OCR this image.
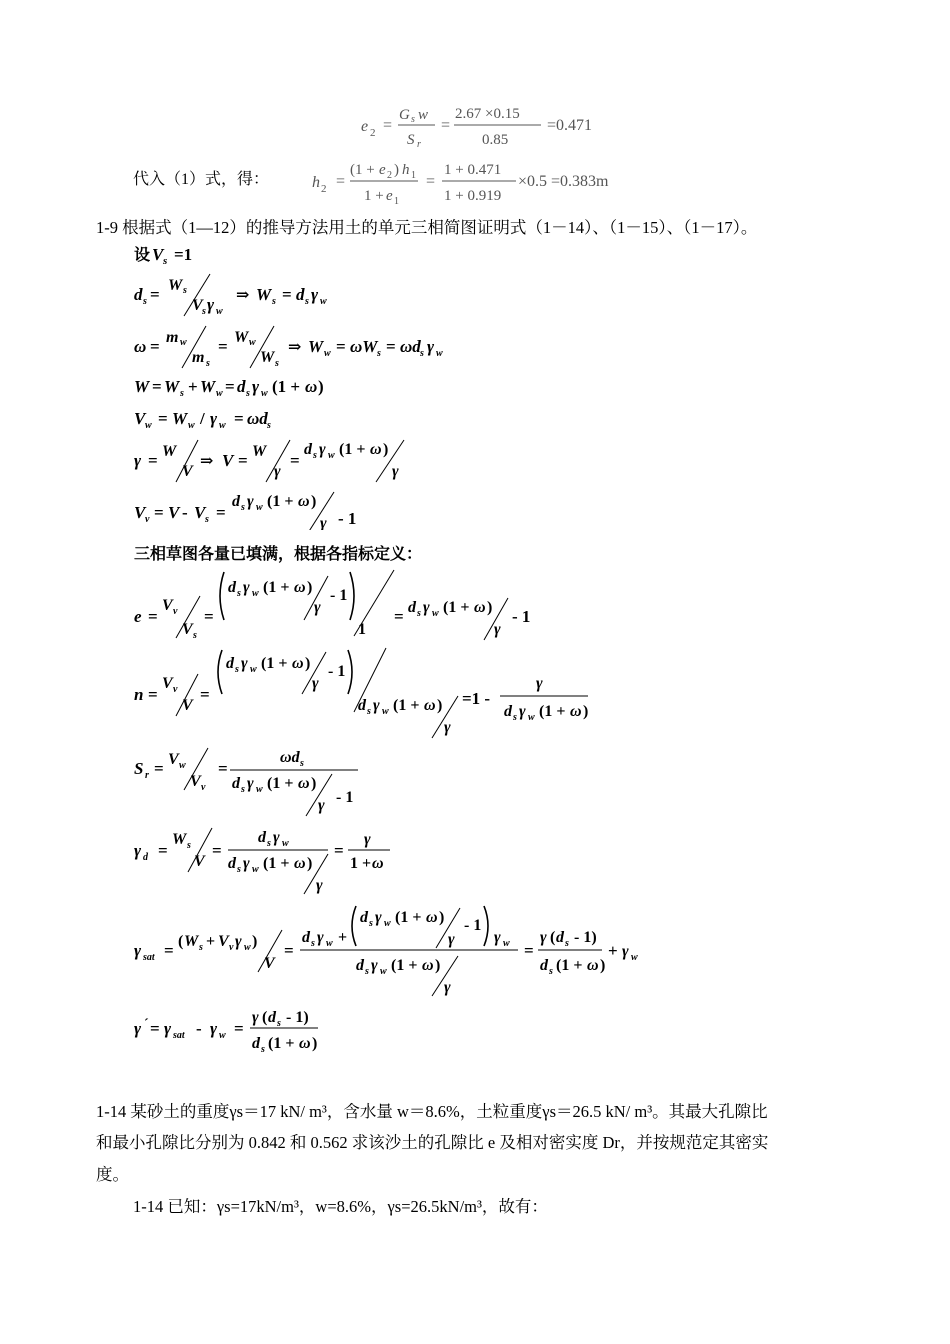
e 2 =
G s w
S r
=
2.67 ×0.15
0.85
=0.471
代入（1）式，得：	h 2 =
(1 + e 2 ) h 1
1 + e 1
=
1 + 0.471
1 + 0.919
×0.5 =0.383m
1-9 根据式（1—12）的推导方法用土的单元三相简图证明式（1－14）、（1－15）、（1－17）。
设 V s =1
d s = W s
V s γ w
⇒ W s = d s γ w
ω = m w
m s
= W w
W s
⇒ W w = ωW s = ωd s γ w
W = W s + W w = d s γ w (1 + ω )
V w = W w / γ w = ωd s
γ = W
V
⇒ V = W
γ
=
d s γ w (1 + ω )
γ
V v = V - V s =
d s γ w (1 + ω )
γ - 1
三相草图各量已填满，根据各指标定义：
e =
V v
V s
=
d s γ w (1 + ω )
γ
- 1
1
= d s γ w (1 + ω )
γ
- 1
n =
V v
V
=
d s γ w (1 + ω )
γ
- 1
d s γ w (1 + ω )
γ
=1 -
γ
d s γ w (1 + ω )
S r = V w
V v
=
ωd s
d s γ w (1 + ω )
γ - 1
γ d =
W s
V
=
d s γ w
d s γ w (1 + ω )
γ
=
γ
1 + ω
γ sat = ( W s + V v γ w )
V
=
d s γ w +
d s γ w (1 + ω )
γ
- 1
γ w
d s γ w (1 + ω )
γ
=
γ ( d s - 1)
d s (1 + ω )
+ γ w
γ ´ = γ sat - γ w =
γ ( d s - 1)
d s (1 + ω )
1-14 某砂土的重度γs＝17 kN/ m³，含水量 w＝8.6%，土粒重度γs＝26.5 kN/ m³。其最大孔隙比
和最小孔隙比分别为 0.842 和 0.562 求该沙土的孔隙比 e 及相对密实度 Dr，并按规范定其密实
度。
1-14 已知：γs=17kN/m³，w=8.6%，γs=26.5kN/m³，故有：
